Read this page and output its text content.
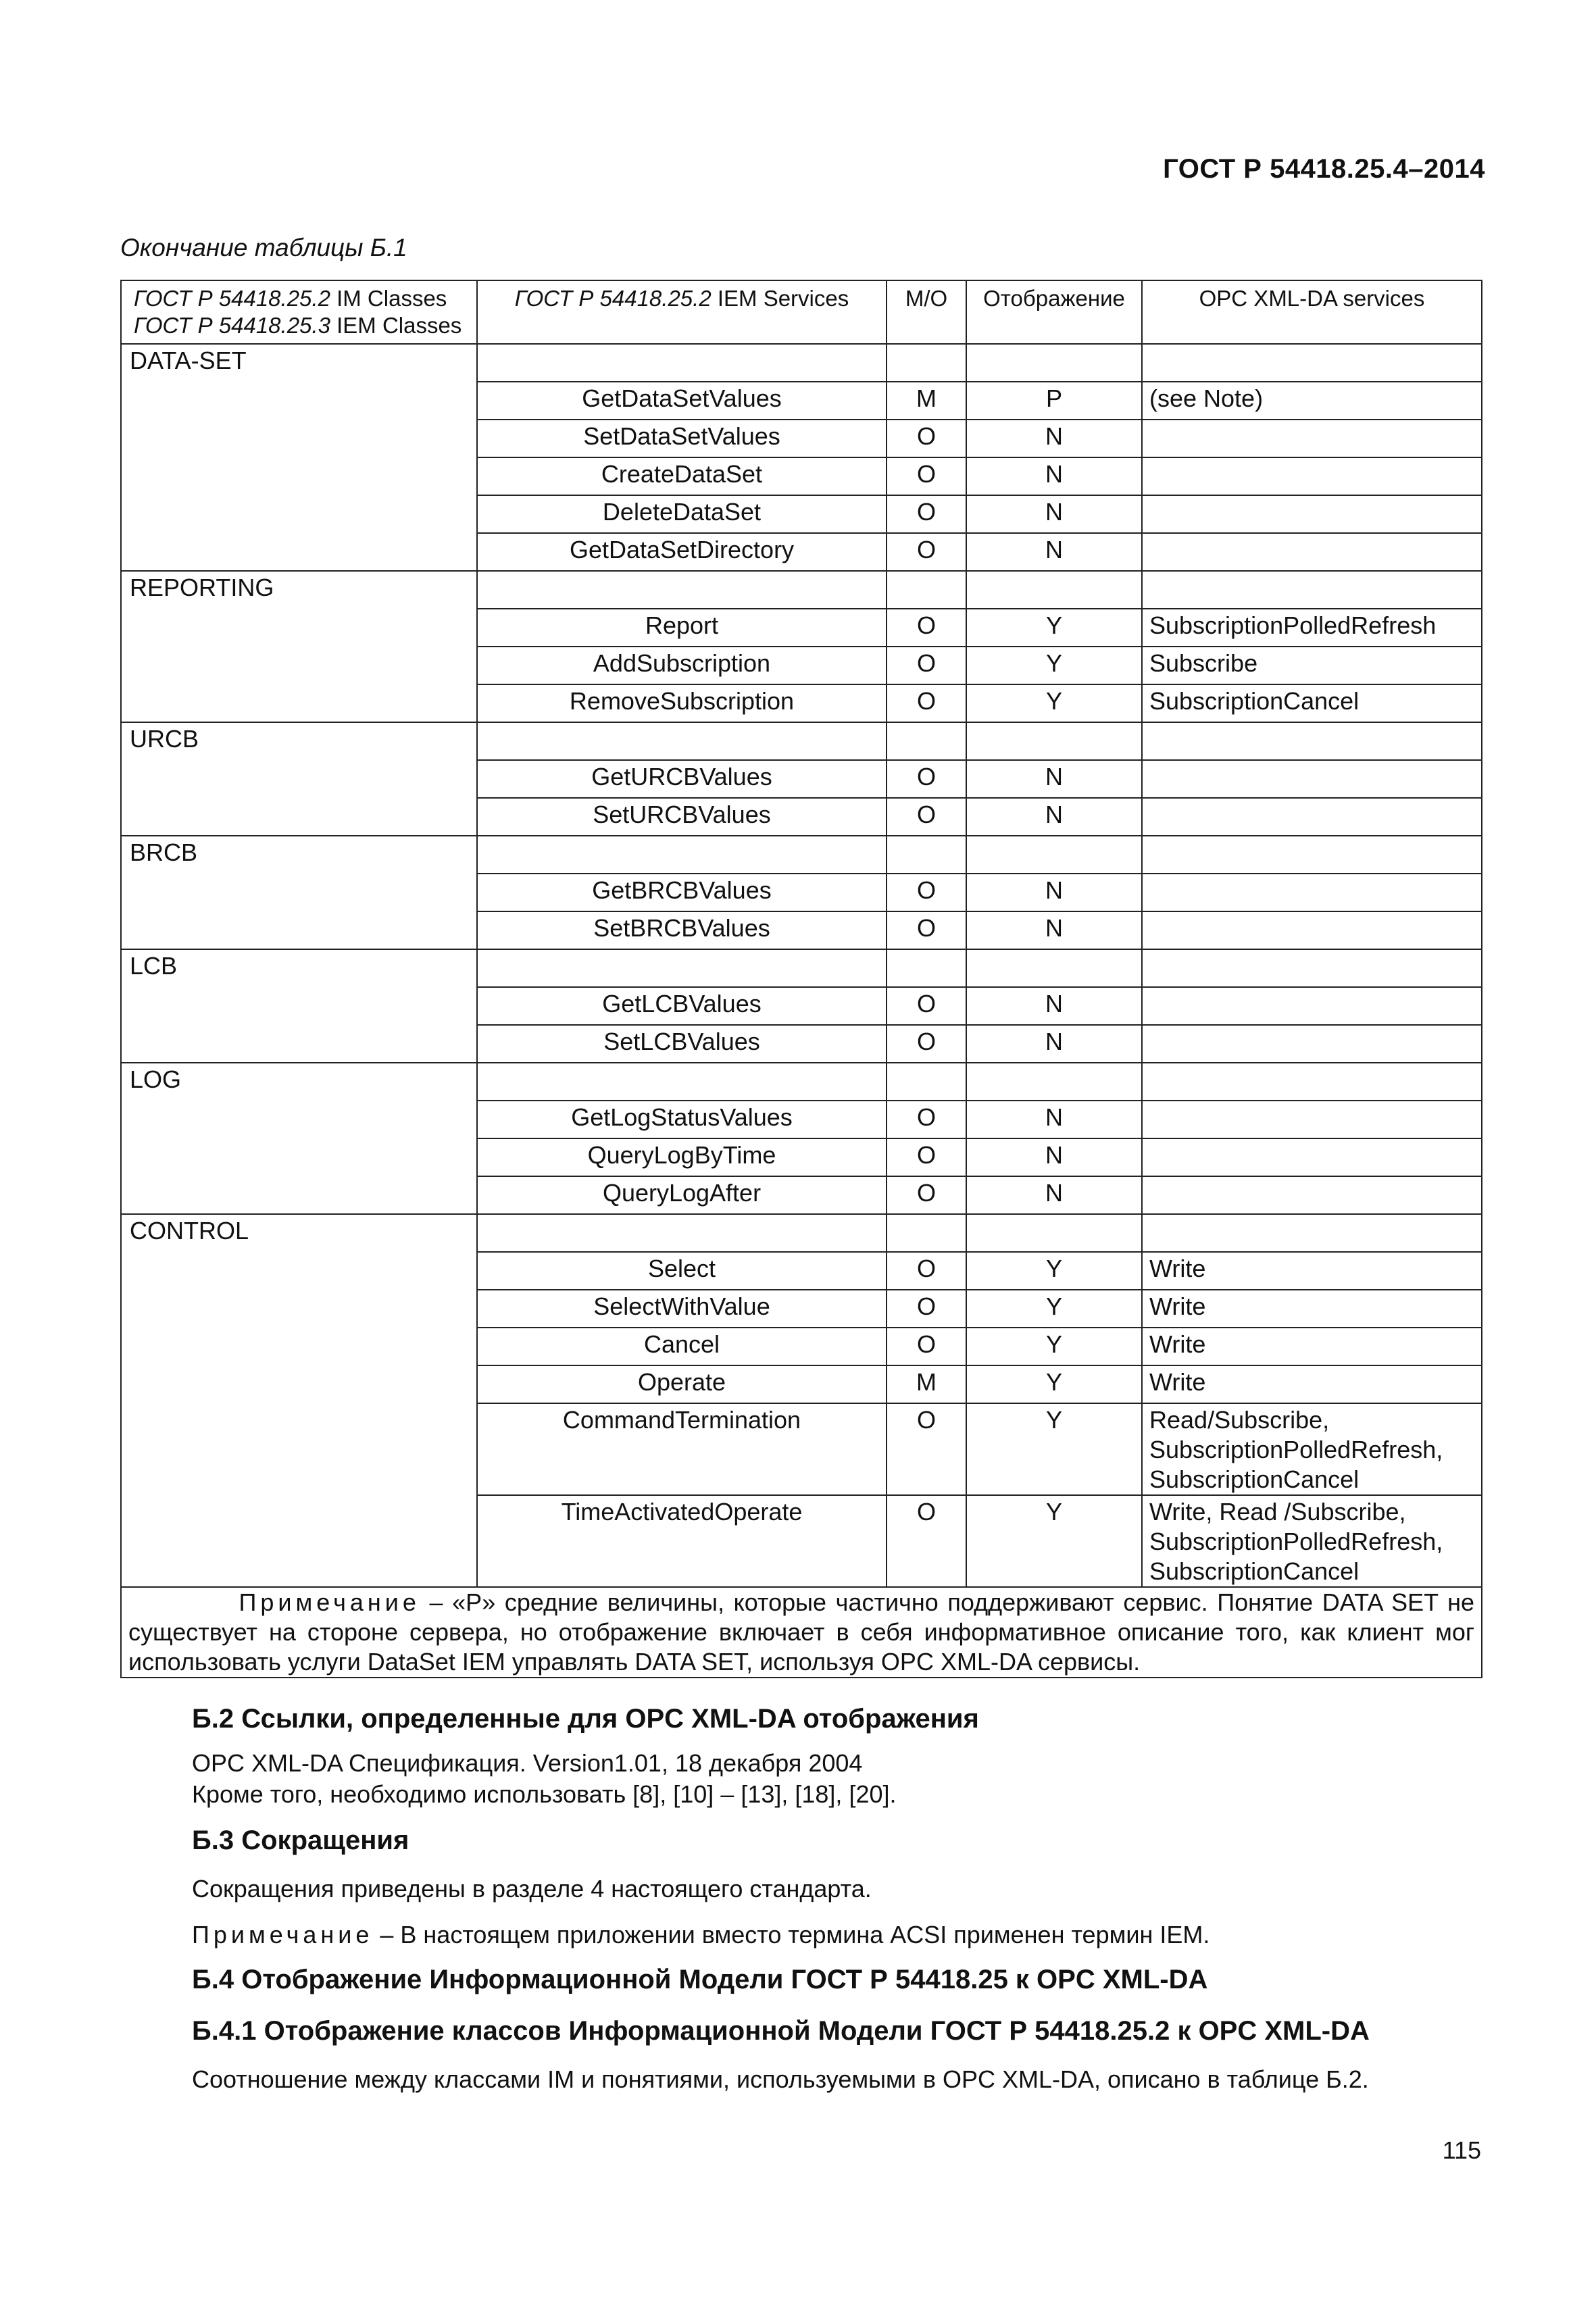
ГОСТ Р 54418.25.4–2014
Окончание таблицы Б.1
ГОСТ Р 54418.25.2 IM Classes
ГОСТ Р 54418.25.3 IEM Classes	ГОСТ Р 54418.25.2 IEM Services	M/O	Отображение	OPC XML-DA services
DATA-SET				
	GetDataSetValues	M	P	(see Note)

	SetDataSetValues	O	N	
	CreateDataSet	O	N	
	DeleteDataSet	O	N	
	GetDataSetDirectory	O	N	
REPORTING				
	Report	O	Y	SubscriptionPolledRefresh

	AddSubscription	O	Y	Subscribe

	RemoveSubscription	O	Y	SubscriptionCancel

URCB				
	GetURCBValues	O	N	
	SetURCBValues	O	N	
BRCB				
	GetBRCBValues	O	N	
	SetBRCBValues	O	N	
LCB				
	GetLCBValues	O	N	
	SetLCBValues	O	N	
LOG				
	GetLogStatusValues	O	N	
	QueryLogByTime	O	N	
	QueryLogAfter	O	N	
CONTROL				
	Select	O	Y	Write

	SelectWithValue	O	Y	Write

	Cancel	O	Y	Write

	Operate	M	Y	Write

	CommandTermination	O	Y	Read/Subscribe,
SubscriptionPolledRefresh,
SubscriptionCancel

	TimeActivatedOperate	O	Y	Write, Read /Subscribe,
SubscriptionPolledRefresh,
SubscriptionCancel

Примечание – «P» средние величины, которые частично поддерживают сервис. Понятие DATA SET не существует на стороне сервера, но отображение включает в себя информативное описание того, как клиент мог использовать услуги DataSet IEM управлять DATA SET, используя OPC XML-DA сервисы.				
Б.2 Ссылки, определенные для OPC XML-DA отображения
OPC XML-DA Спецификация. Version1.01, 18 декабря 2004
Кроме того, необходимо использовать [8], [10] – [13], [18], [20].
Б.3 Сокращения
Сокращения приведены в разделе 4 настоящего стандарта.
Примечание – В настоящем приложении вместо термина ACSI применен термин IEM.
Б.4 Отображение Информационной Модели ГОСТ Р 54418.25 к OPC XML-DA
Б.4.1 Отображение классов Информационной Модели ГОСТ Р 54418.25.2 к OPC XML-DA
Соотношение между классами IM и понятиями, используемыми в OPC XML-DA, описано в таблице Б.2.
115
